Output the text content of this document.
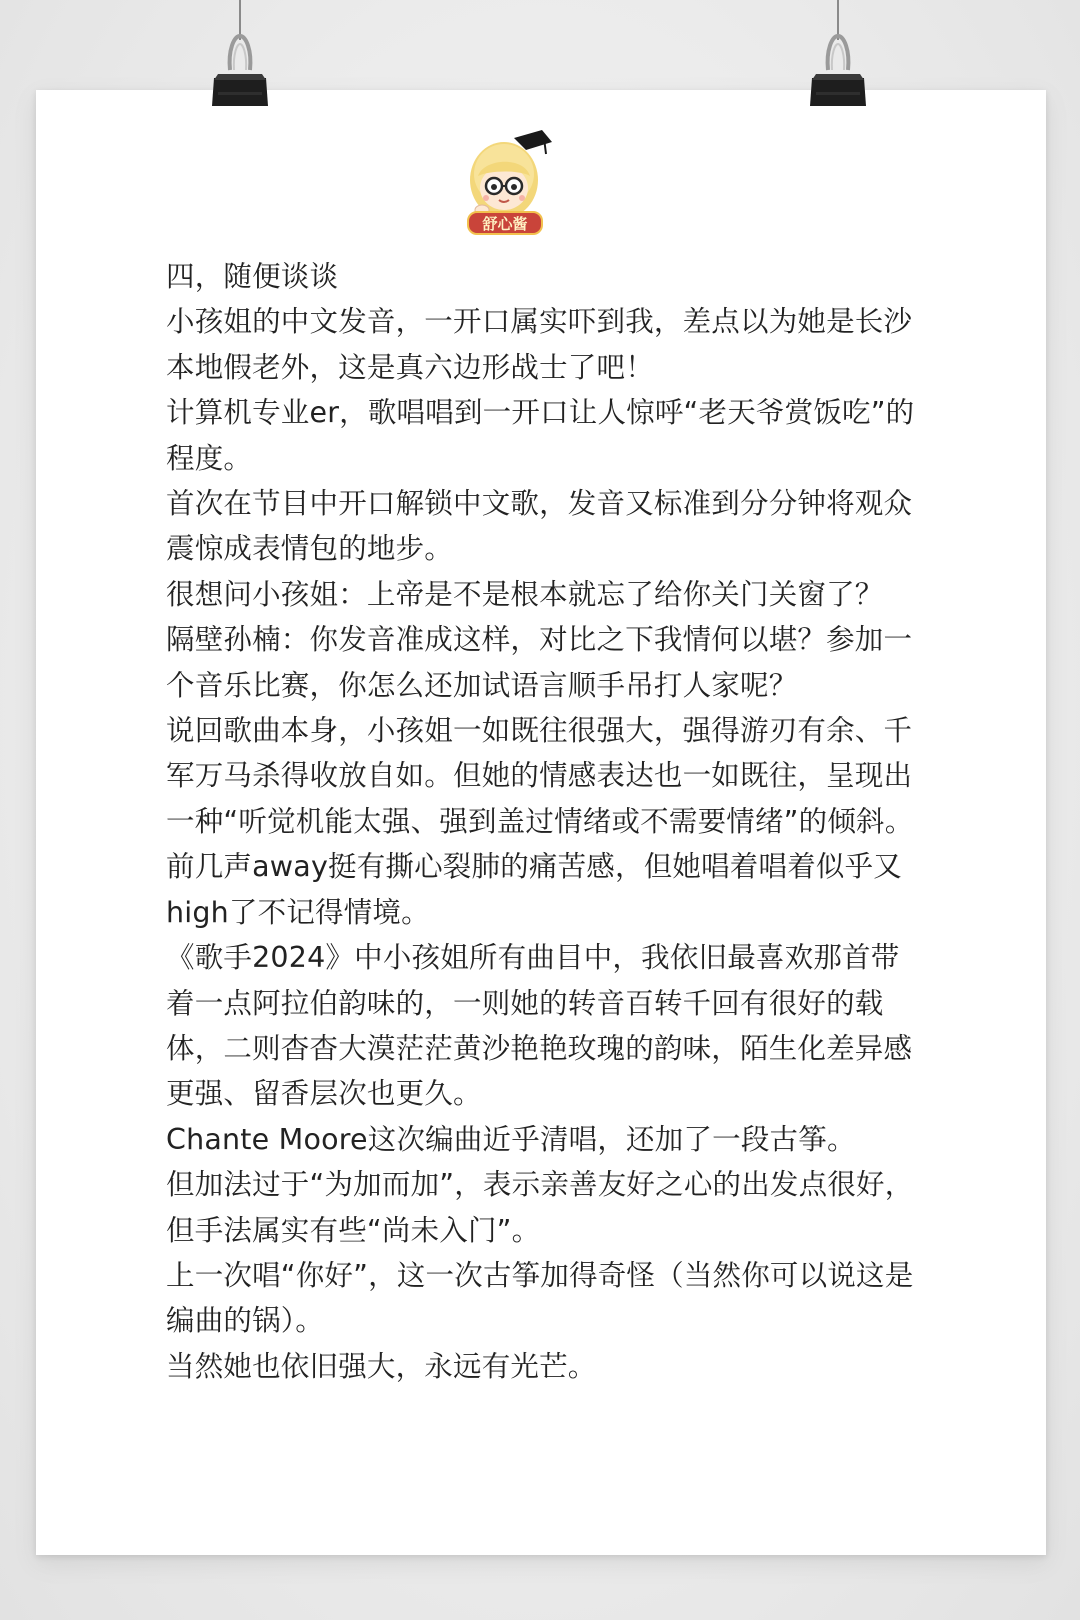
舒心酱

四，随便谈谈

小孩姐的中文发音，一开口属实吓到我，差点以为她是长沙本地假老外，这是真六边形战士了吧！

计算机专业er，歌唱唱到一开口让人惊呼“老天爷赏饭吃”的程度。

首次在节目中开口解锁中文歌，发音又标准到分分钟将观众震惊成表情包的地步。

很想问小孩姐：上帝是不是根本就忘了给你关门关窗了？

隔壁孙楠：你发音准成这样，对比之下我情何以堪？参加一个音乐比赛，你怎么还加试语言顺手吊打人家呢？

说回歌曲本身，小孩姐一如既往很强大，强得游刃有余、千军万马杀得收放自如。但她的情感表达也一如既往，呈现出一种“听觉机能太强、强到盖过情绪或不需要情绪”的倾斜。

前几声away挺有撕心裂肺的痛苦感，但她唱着唱着似乎又high了不记得情境。

《歌手2024》中小孩姐所有曲目中，我依旧最喜欢那首带着一点阿拉伯韵味的，一则她的转音百转千回有很好的载体，二则杳杳大漠茫茫黄沙艳艳玫瑰的韵味，陌生化差异感更强、留香层次也更久。

Chante Moore这次编曲近乎清唱，还加了一段古筝。

但加法过于“为加而加”，表示亲善友好之心的出发点很好，但手法属实有些“尚未入门”。

上一次唱“你好”，这一次古筝加得奇怪（当然你可以说这是编曲的锅）。

当然她也依旧强大，永远有光芒。
